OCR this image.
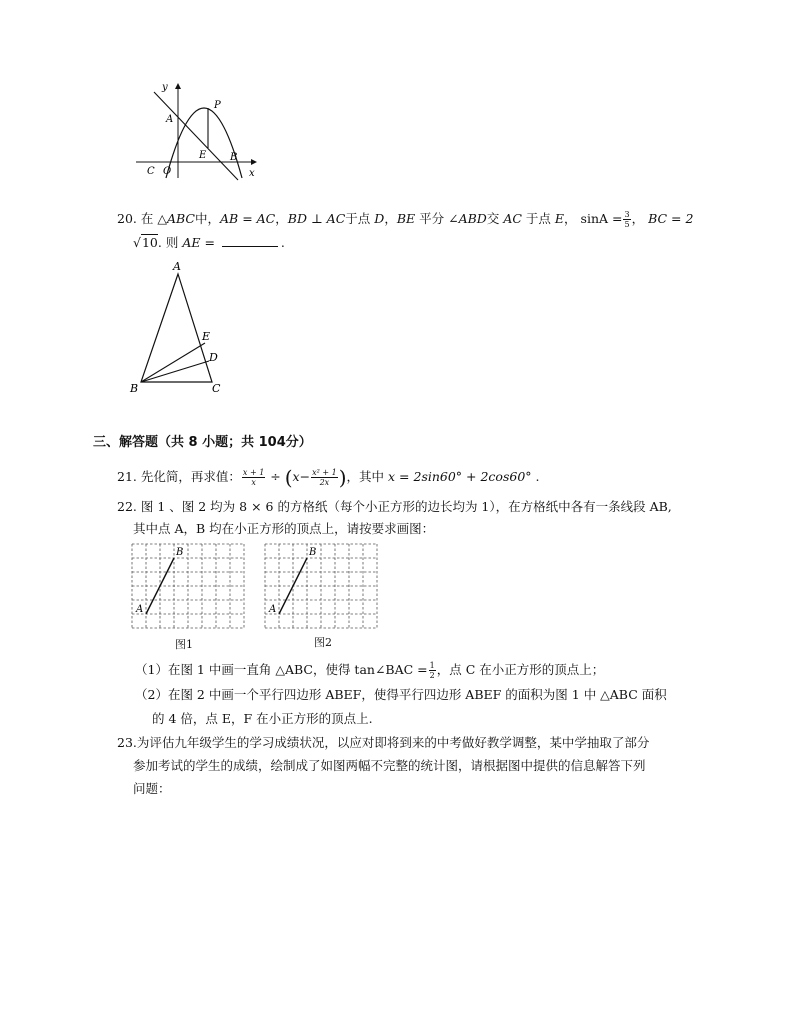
y
x
A
P
E B
C O
20. 在 △ABC中，AB = AC，BD ⊥ AC于点 D，BE 平分 ∠ABD交 AC 于点 E， $\sin A = \frac{3}{5}$ ， BC = 2
√10. 则 AE =	.
A
E
D
B	C
三、解答题（共 8 小题；共 104分）
21. 先化简，再求值： $\frac{x + 1}{x} \div (x- \frac{\text{x² + 1}}{2x}$ )，其中 x = 2sin60° + 2cos60° .
22. 图 1 、图 2 均为 8 × 6 的方格纸（每个小正方形的边长均为 1），在方格纸中各有一条线段 AB,
其中点 A，B 均在小正方形的顶点上，请按要求画图：
A
B
图1
A
B
图2
（1）在图 1 中画一直角 △ABC，使得 tan∠BAC = $\frac{1}{2}$ ，点 C 在小正方形的顶点上；
（2）在图 2 中画一个平行四边形 ABEF，使得平行四边形 ABEF 的面积为图 1 中 △ABC 面积
的 4 倍，点 E，F 在小正方形的顶点上.
23.为评估九年级学生的学习成绩状况，以应对即将到来的中考做好教学调整，某中学抽取了部分
参加考试的学生的成绩，绘制成了如图两幅不完整的统计图，请根据图中提供的信息解答下列
问题：
